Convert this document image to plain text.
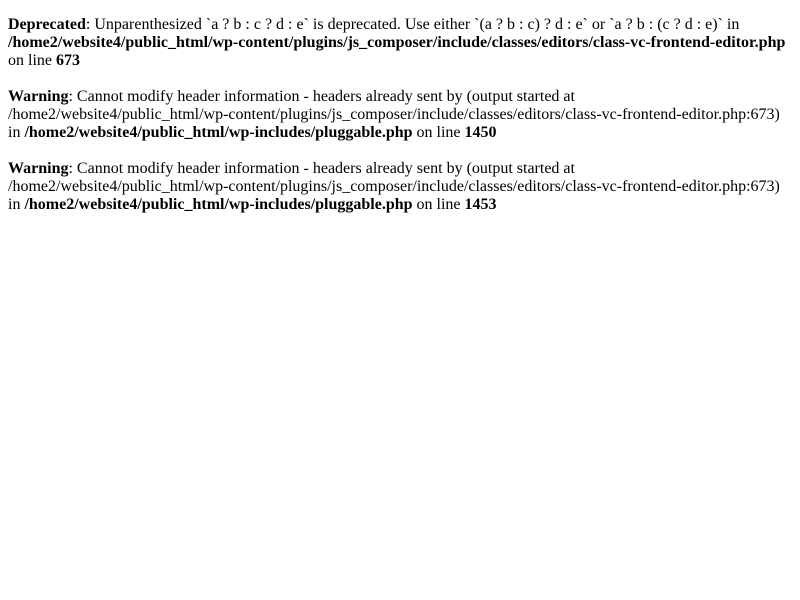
Deprecated: Unparenthesized `a ? b : c ? d : e` is deprecated. Use either `(a ? b : c) ? d : e` or `a ? b : (c ? d : e)` in /home2/website4/public_html/wp-content/plugins/js_composer/include/classes/editors/class-vc-frontend-editor.php on line 673
Warning: Cannot modify header information - headers already sent by (output started at /home2/website4/public_html/wp-content/plugins/js_composer/include/classes/editors/class-vc-frontend-editor.php:673) in /home2/website4/public_html/wp-includes/pluggable.php on line 1450
Warning: Cannot modify header information - headers already sent by (output started at /home2/website4/public_html/wp-content/plugins/js_composer/include/classes/editors/class-vc-frontend-editor.php:673) in /home2/website4/public_html/wp-includes/pluggable.php on line 1453
